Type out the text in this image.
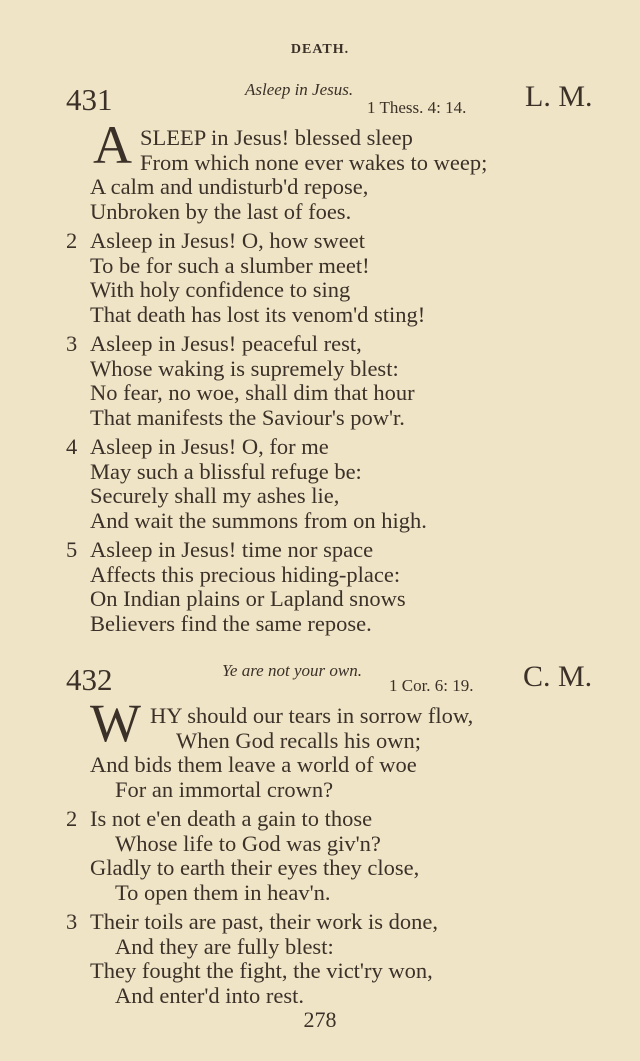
DEATH.
431	Asleep in Jesus.
1 Thess. 4: 14. L. M.
A SLEEP in Jesus! blessed sleep
From which none ever wakes to weep;
A calm and undisturb'd repose,
Unbroken by the last of foes.
2 Asleep in Jesus! O, how sweet
To be for such a slumber meet!
With holy confidence to sing
That death has lost its venom'd sting!
3 Asleep in Jesus! peaceful rest,
Whose waking is supremely blest:
No fear, no woe, shall dim that hour
That manifests the Saviour's pow'r.
4 Asleep in Jesus! O, for me
May such a blissful refuge be:
Securely shall my ashes lie,
And wait the summons from on high.
5 Asleep in Jesus! time nor space
Affects this precious hiding-place:
On Indian plains or Lapland snows
Believers find the same repose.
432	Ye are not your own.
1 Cor. 6: 19. C. M.
W HY should our tears in sorrow flow,
When God recalls his own;
And bids them leave a world of woe
For an immortal crown?
2 Is not e'en death a gain to those
Whose life to God was giv'n?
Gladly to earth their eyes they close,
To open them in heav'n.
3 Their toils are past, their work is done,
And they are fully blest:
They fought the fight, the vict'ry won,
And enter'd into rest.
278
